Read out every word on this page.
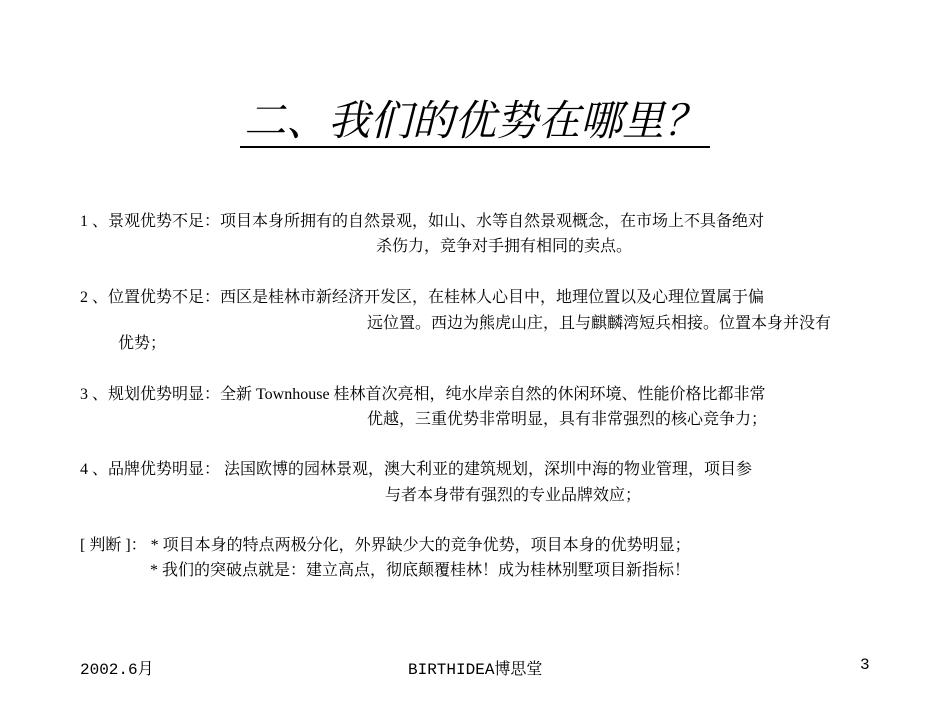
二、我们的优势在哪里？
1 、景观优势不足：项目本身所拥有的自然景观，如山、水等自然景观概念，在市场上不具备绝对
杀伤力，竞争对手拥有相同的卖点。
2 、位置优势不足：西区是桂林市新经济开发区，在桂林人心目中，地理位置以及心理位置属于偏
远位置。西边为熊虎山庄，且与麒麟湾短兵相接。位置本身并没有
优势；
3 、规划优势明显：全新 Townhouse 桂林首次亮相，纯水岸亲自然的休闲环境、性能价格比都非常
优越，三重优势非常明显，具有非常强烈的核心竞争力；
4 、品牌优势明显： 法国欧博的园林景观，澳大利亚的建筑规划，深圳中海的物业管理，项目参
与者本身带有强烈的专业品牌效应；
[ 判断 ]： * 项目本身的特点两极分化，外界缺少大的竞争优势，项目本身的优势明显；
* 我们的突破点就是：建立高点，彻底颠覆桂林！成为桂林别墅项目新指标！
2002.6月	BIRTHIDEA博思堂	3
